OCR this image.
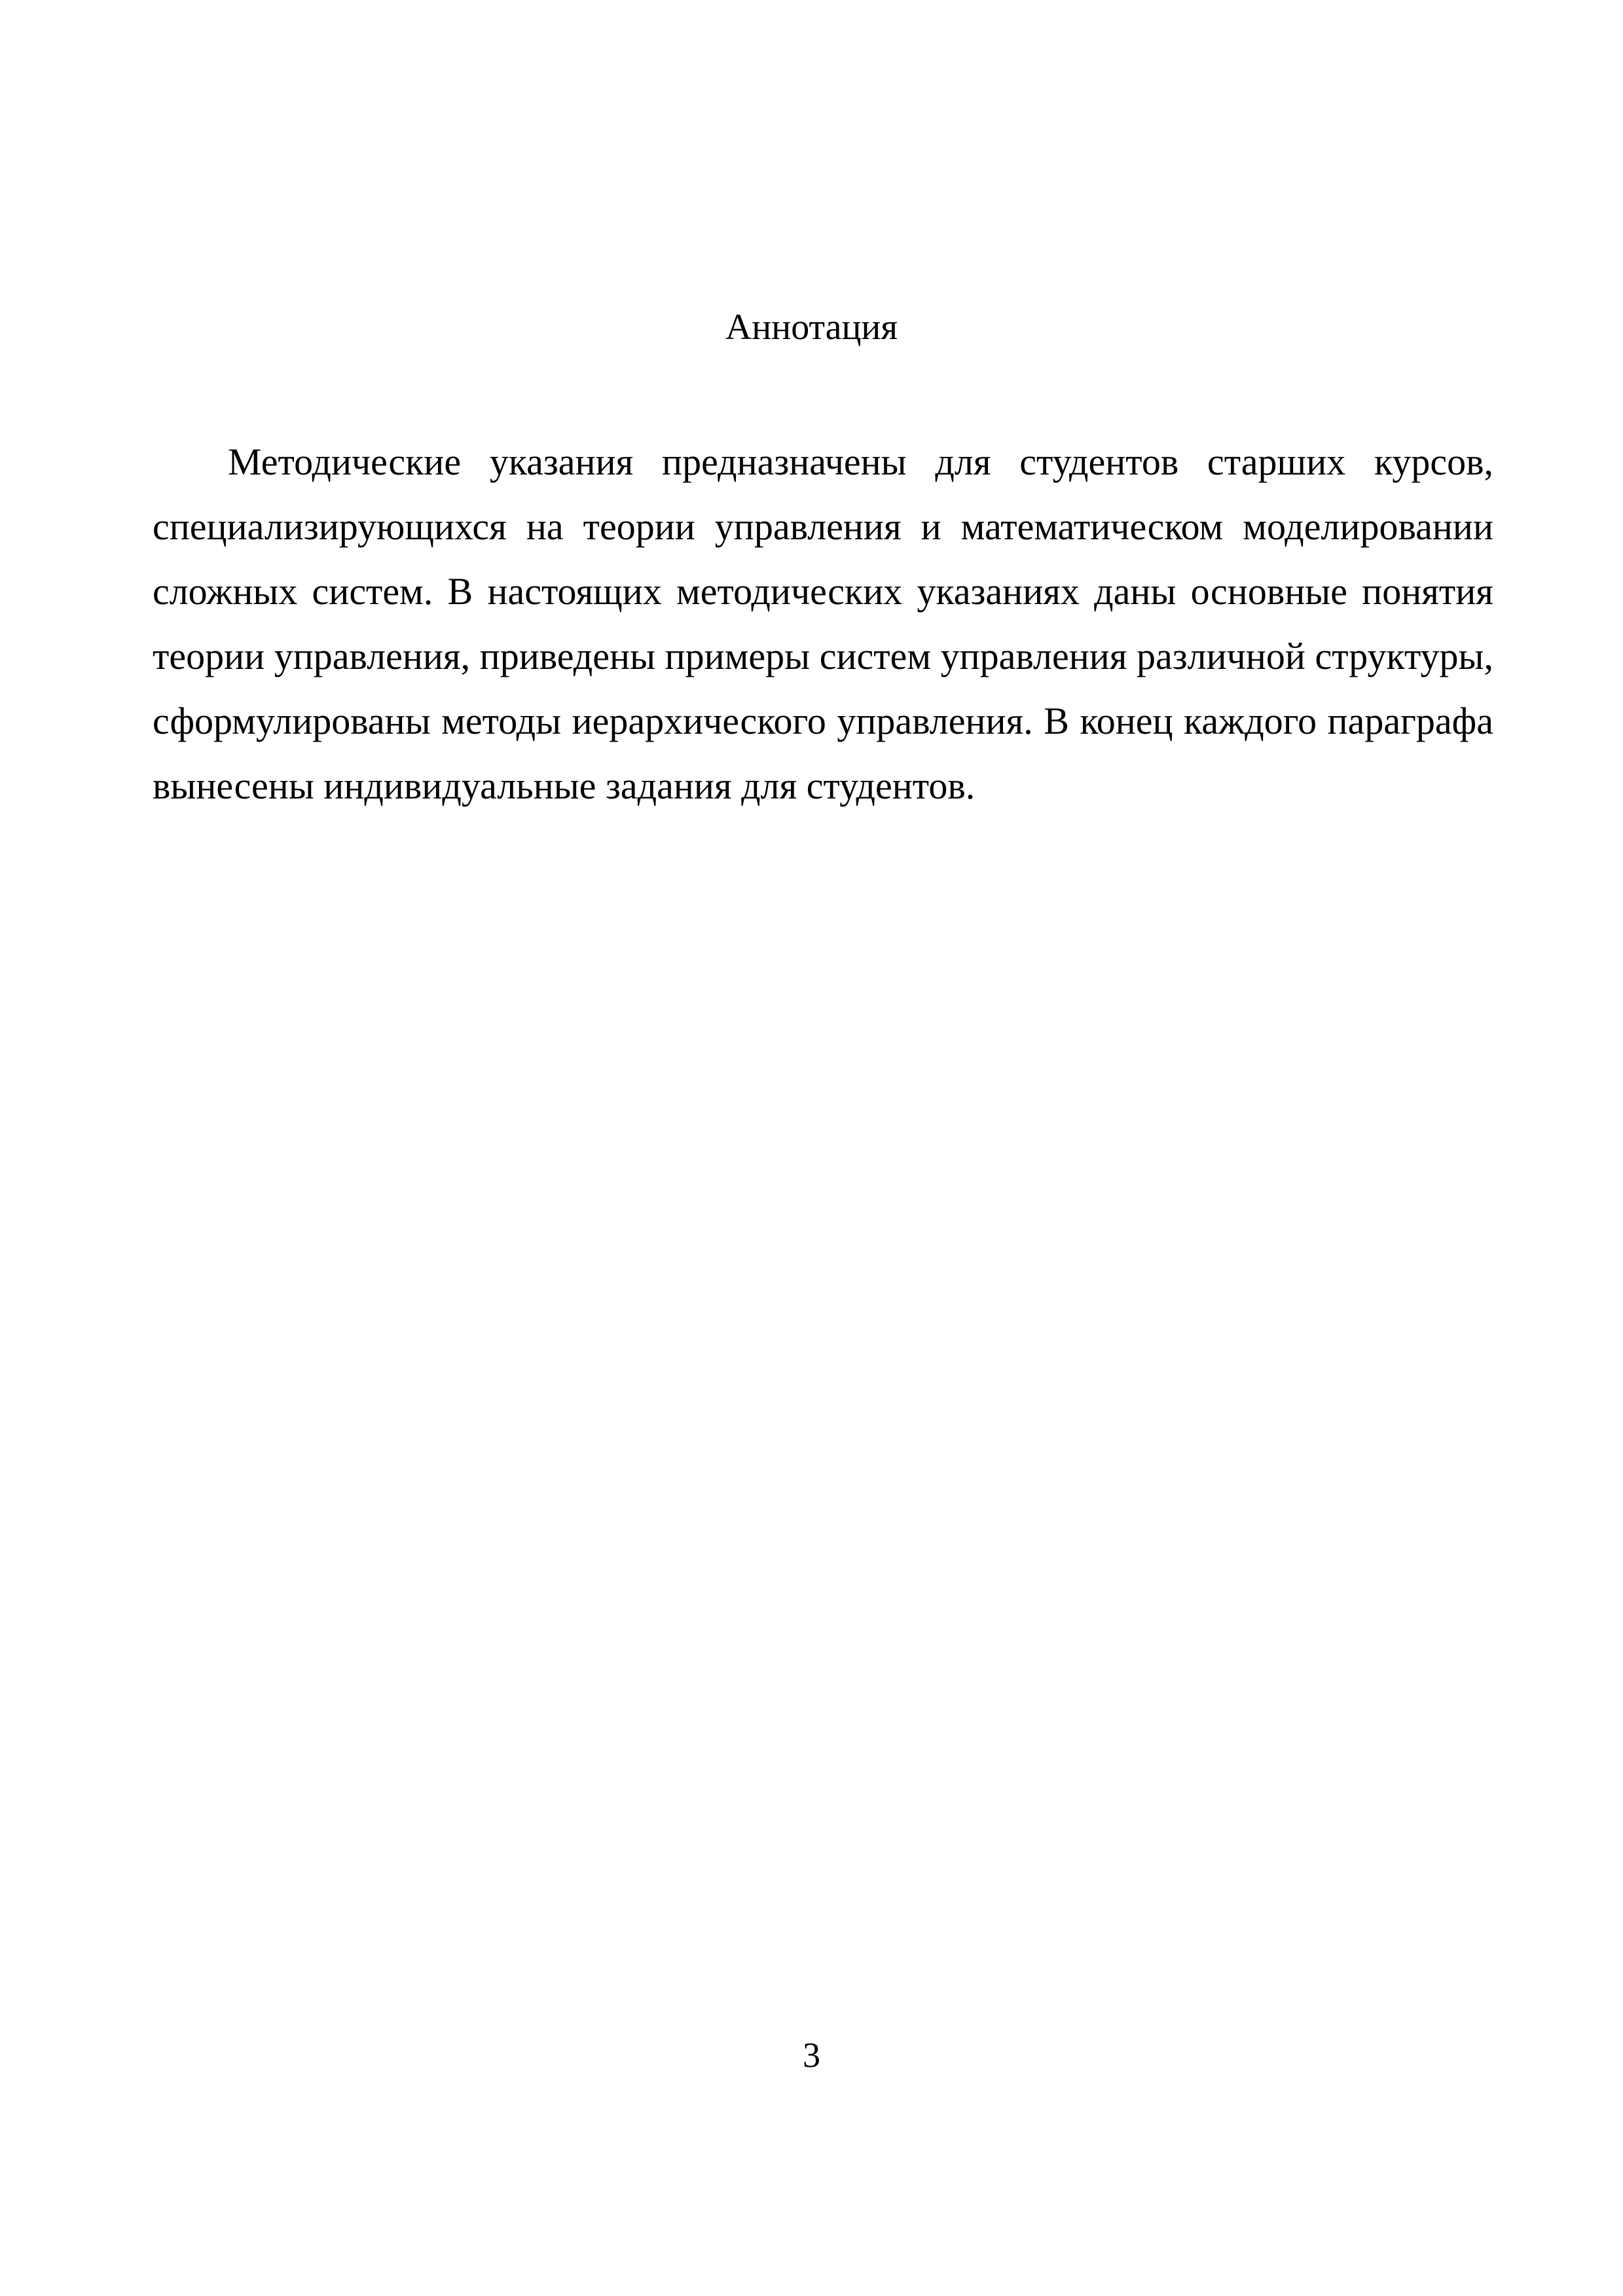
Аннотация

Методические указания предназначены для студентов старших курсов, специализирующихся на теории управления и математическом моделировании сложных систем. В настоящих методических указаниях даны основные понятия теории управления, приведены примеры систем управления различной структуры, сформулированы методы иерархического управления. В конец каждого параграфа вынесены индивидуальные задания для студентов.

3
